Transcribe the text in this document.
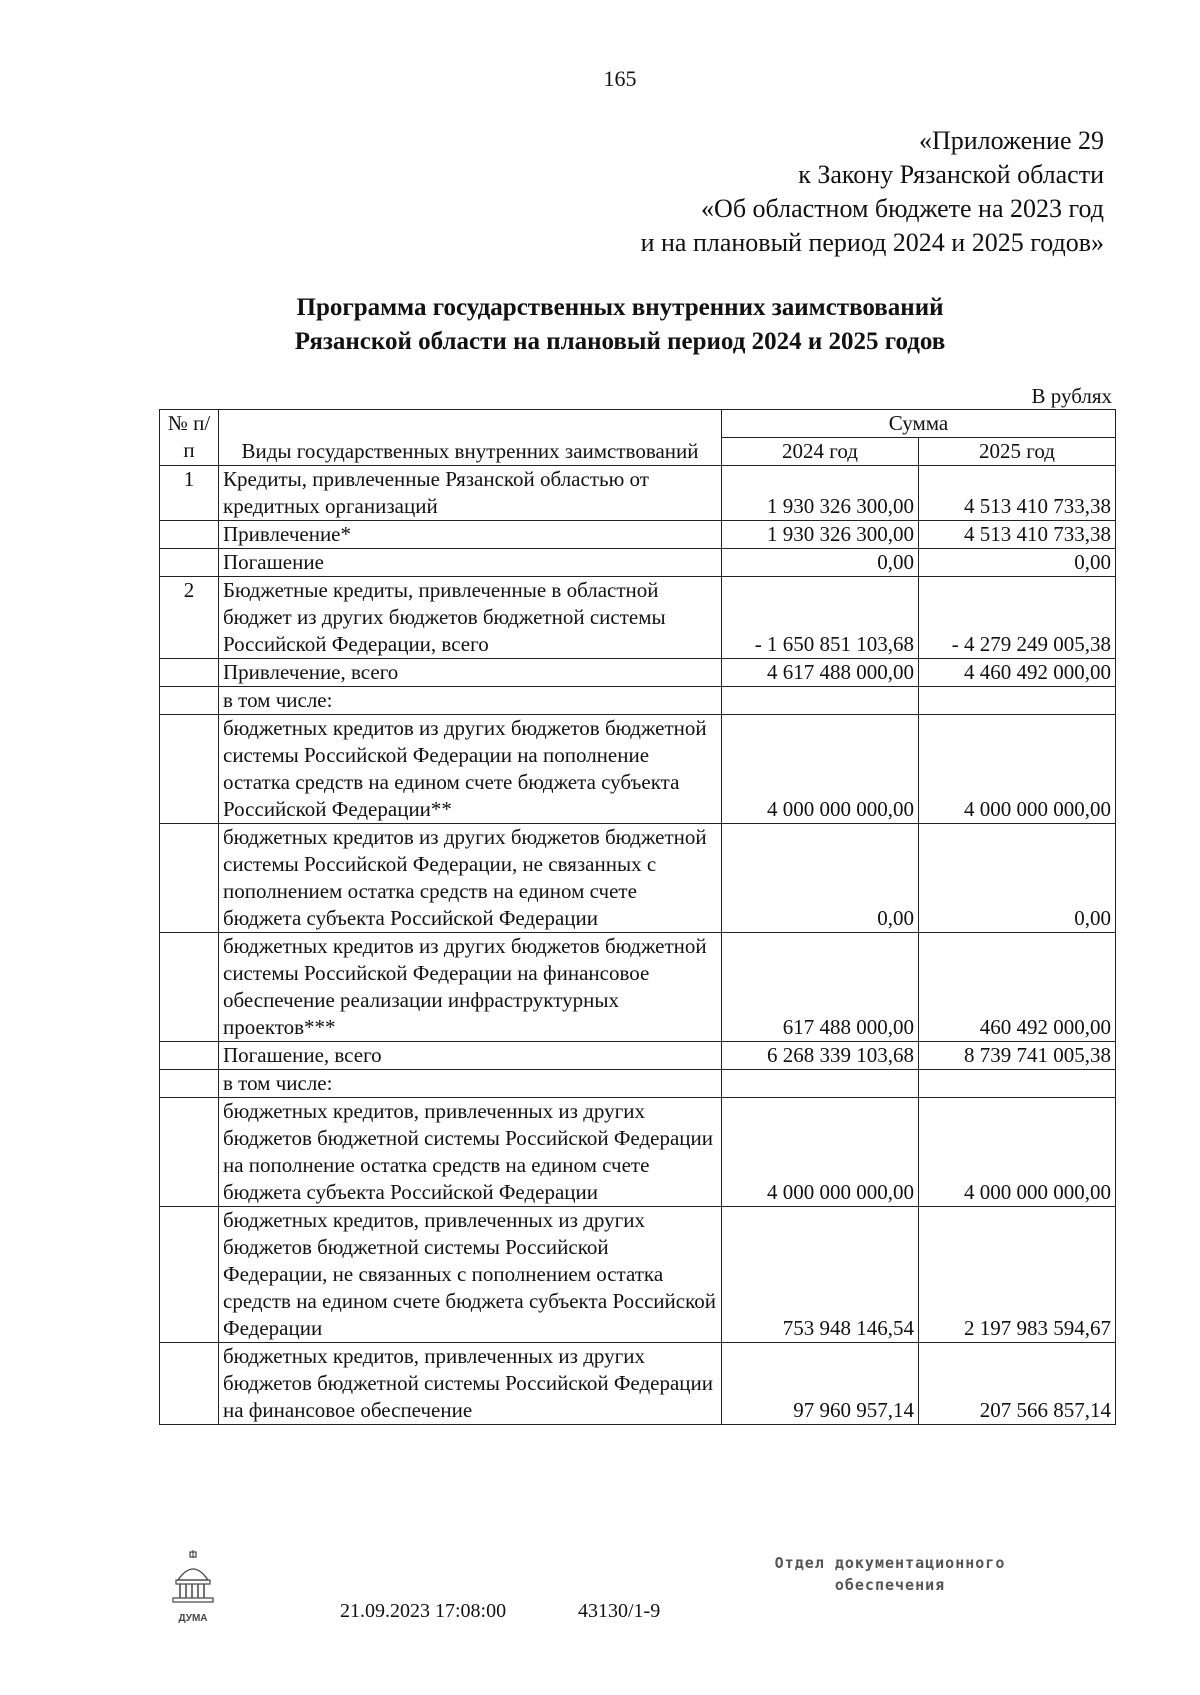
165
«Приложение 29
к Закону Рязанской области
«Об областном бюджете на 2023 год
и на плановый период 2024 и 2025 годов»
Программа государственных внутренних заимствований
Рязанской области на плановый период 2024 и 2025 годов
В рублях
№ п/п	Виды государственных внутренних заимствований	Сумма	
		2024 год	2025 год
1	Кредиты, привлеченные Рязанской областью от кредитных организаций	1 930 326 300,00	4 513 410 733,38
	Привлечение*	1 930 326 300,00	4 513 410 733,38
	Погашение	0,00	0,00
2	Бюджетные кредиты, привлеченные в областной бюджет из других бюджетов бюджетной системы Российской Федерации, всего	- 1 650 851 103,68	- 4 279 249 005,38
	Привлечение, всего	4 617 488 000,00	4 460 492 000,00
	в том числе:		
	бюджетных кредитов из других бюджетов бюджетной системы Российской Федерации на пополнение остатка средств на едином счете бюджета субъекта Российской Федерации**	4 000 000 000,00	4 000 000 000,00
	бюджетных кредитов из других бюджетов бюджетной системы Российской Федерации, не связанных с пополнением остатка средств на едином счете бюджета субъекта Российской Федерации	0,00	0,00
	бюджетных кредитов из других бюджетов бюджетной системы Российской Федерации на финансовое обеспечение реализации инфраструктурных проектов***	617 488 000,00	460 492 000,00
	Погашение, всего	6 268 339 103,68	8 739 741 005,38
	в том числе:		
	бюджетных кредитов, привлеченных из других бюджетов бюджетной системы Российской Федерации на пополнение остатка средств на едином счете бюджета субъекта Российской Федерации	4 000 000 000,00	4 000 000 000,00
	бюджетных кредитов, привлеченных из других бюджетов бюджетной системы Российской Федерации, не связанных с пополнением остатка средств на едином счете бюджета субъекта Российской Федерации	753 948 146,54	2 197 983 594,67
	бюджетных кредитов, привлеченных из других бюджетов бюджетной системы Российской Федерации на финансовое обеспечение	97 960 957,14	207 566 857,14
ДУМА	21.09.2023 17:08:00	43130/1-9
Отдел документационного
обеспечения
